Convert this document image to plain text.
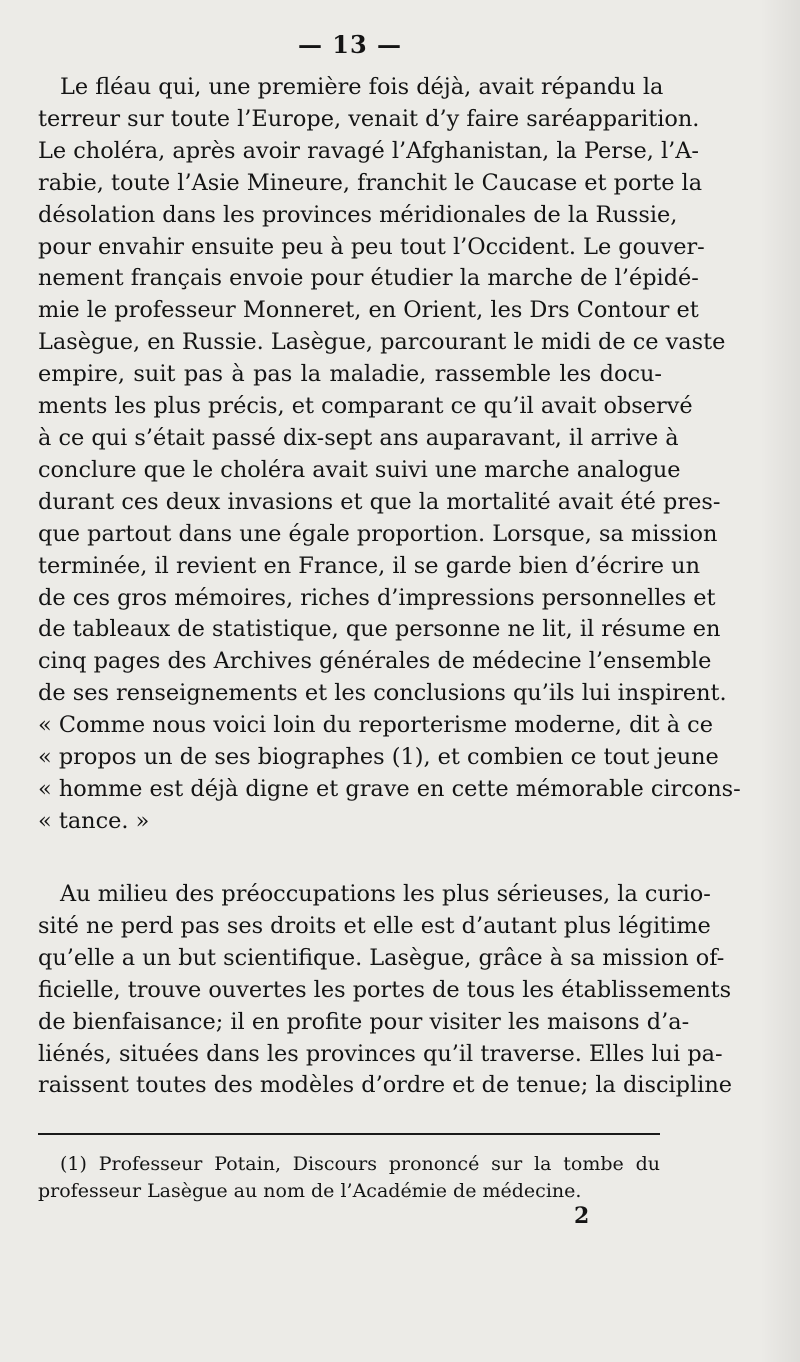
— 13 —
Le fléau qui, une première fois déjà, avait répandu la
terreur sur toute l’Europe, venait d’y faire saréapparition.
Le choléra, après avoir ravagé l’Afghanistan, la Perse, l’A-
rabie, toute l’Asie Mineure, franchit le Caucase et porte la
désolation dans les provinces méridionales de la Russie,
pour envahir ensuite peu à peu tout l’Occident. Le gouver-
nement français envoie pour étudier la marche de l’épidé-
mie le professeur Monneret, en Orient, les Drs Contour et
Lasègue, en Russie. Lasègue, parcourant le midi de ce vaste
empire, suit pas à pas la maladie, rassemble les docu-
ments les plus précis, et comparant ce qu’il avait observé
à ce qui s’était passé dix-sept ans auparavant, il arrive à
conclure que le choléra avait suivi une marche analogue
durant ces deux invasions et que la mortalité avait été pres-
que partout dans une égale proportion. Lorsque, sa mission
terminée, il revient en France, il se garde bien d’écrire un
de ces gros mémoires, riches d’impressions personnelles et
de tableaux de statistique, que personne ne lit, il résume en
cinq pages des Archives générales de médecine l’ensemble
de ses renseignements et les conclusions qu’ils lui inspirent.
« Comme nous voici loin du reporterisme moderne, dit à ce
« propos un de ses biographes (1), et combien ce tout jeune
« homme est déjà digne et grave en cette mémorable circons-
« tance. »
Au milieu des préoccupations les plus sérieuses, la curio-
sité ne perd pas ses droits et elle est d’autant plus légitime
qu’elle a un but scientifique. Lasègue, grâce à sa mission of-
ficielle, trouve ouvertes les portes de tous les établissements
de bienfaisance; il en profite pour visiter les maisons d’a-
liénés, situées dans les provinces qu’il traverse. Elles lui pa-
raissent toutes des modèles d’ordre et de tenue; la discipline
(1) Professeur Potain, Discours prononcé sur la tombe du
professeur Lasègue au nom de l’Académie de médecine.
2
